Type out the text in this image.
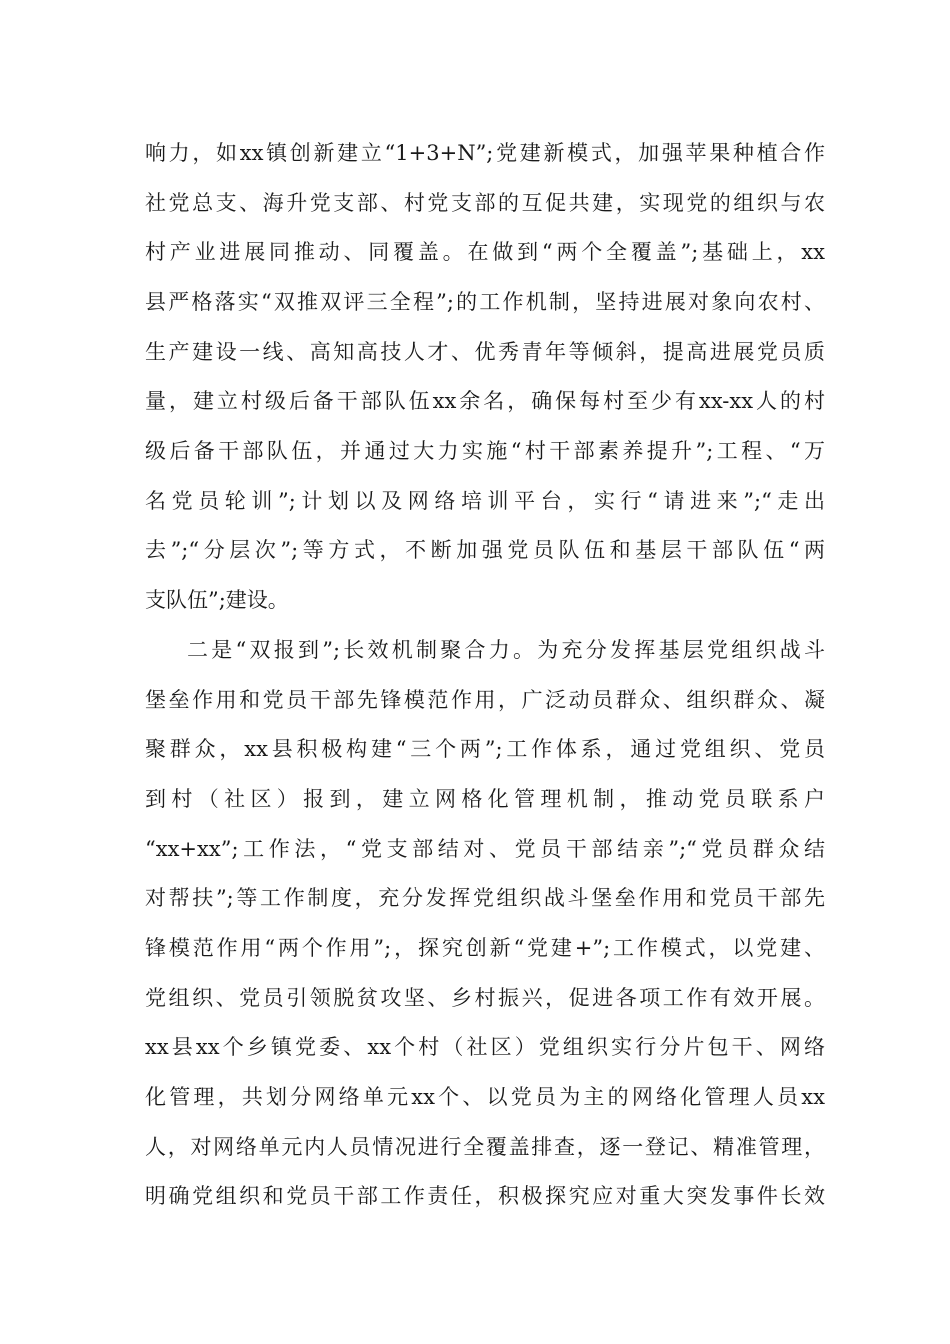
响力，如xx镇创新建立“1+3+N”;党建新模式，加强苹果种植合作
社党总支、海升党支部、村党支部的互促共建，实现党的组织与农
村产业进展同推动、同覆盖。在做到“两个全覆盖”;基础上，xx
县严格落实“双推双评三全程”;的工作机制，坚持进展对象向农村、
生产建设一线、高知高技人才、优秀青年等倾斜，提高进展党员质
量，建立村级后备干部队伍xx余名，确保每村至少有xx-xx人的村
级后备干部队伍，并通过大力实施“村干部素养提升”;工程、“万
名党员轮训”;计划以及网络培训平台，实行“请进来”;“走出
去”;“分层次”;等方式，不断加强党员队伍和基层干部队伍“两
支队伍”;建设。
二是“双报到”;长效机制聚合力。为充分发挥基层党组织战斗
堡垒作用和党员干部先锋模范作用，广泛动员群众、组织群众、凝
聚群众，xx县积极构建“三个两”;工作体系，通过党组织、党员
到村（社区）报到，建立网格化管理机制，推动党员联系户
“xx+xx”;工作法，“党支部结对、党员干部结亲”;“党员群众结
对帮扶”;等工作制度，充分发挥党组织战斗堡垒作用和党员干部先
锋模范作用“两个作用”;，探究创新“党建+”;工作模式，以党建、
党组织、党员引领脱贫攻坚、乡村振兴，促进各项工作有效开展。
xx县xx个乡镇党委、xx个村（社区）党组织实行分片包干、网络
化管理，共划分网络单元xx个、以党员为主的网络化管理人员xx
人，对网络单元内人员情况进行全覆盖排查，逐一登记、精准管理，
明确党组织和党员干部工作责任，积极探究应对重大突发事件长效
